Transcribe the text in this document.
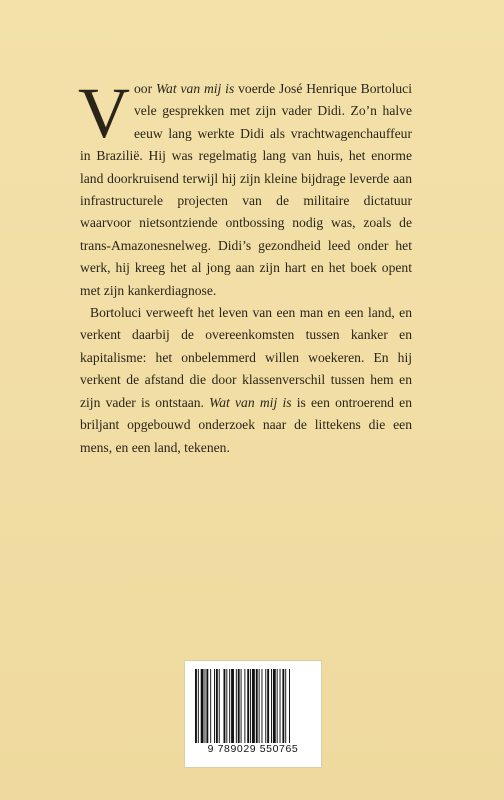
Voor Wat van mij is voerde José Henrique Bortoluci vele gesprekken met zijn vader Didi. Zo’n halve eeuw lang werkte Didi als vrachtwagenchauffeur in Brazilië. Hij was regelmatig lang van huis, het enorme land doorkruisend terwijl hij zijn kleine bijdrage leverde aan infrastructurele projecten van de militaire dictatuur waarvoor nietsontziende ontbossing nodig was, zoals de trans-Amazonesnelweg. Didi’s gezondheid leed onder het werk, hij kreeg het al jong aan zijn hart en het boek opent met zijn kankerdiagnose.

Bortoluci verweeft het leven van een man en een land, en verkent daarbij de overeenkomsten tussen kanker en kapitalisme: het onbelemmerd willen woekeren. En hij verkent de afstand die door klassenverschil tussen hem en zijn vader is ontstaan. Wat van mij is is een ontroerend en briljant opgebouwd onderzoek naar de littekens die een mens, en een land, tekenen.

9 789029 550765
